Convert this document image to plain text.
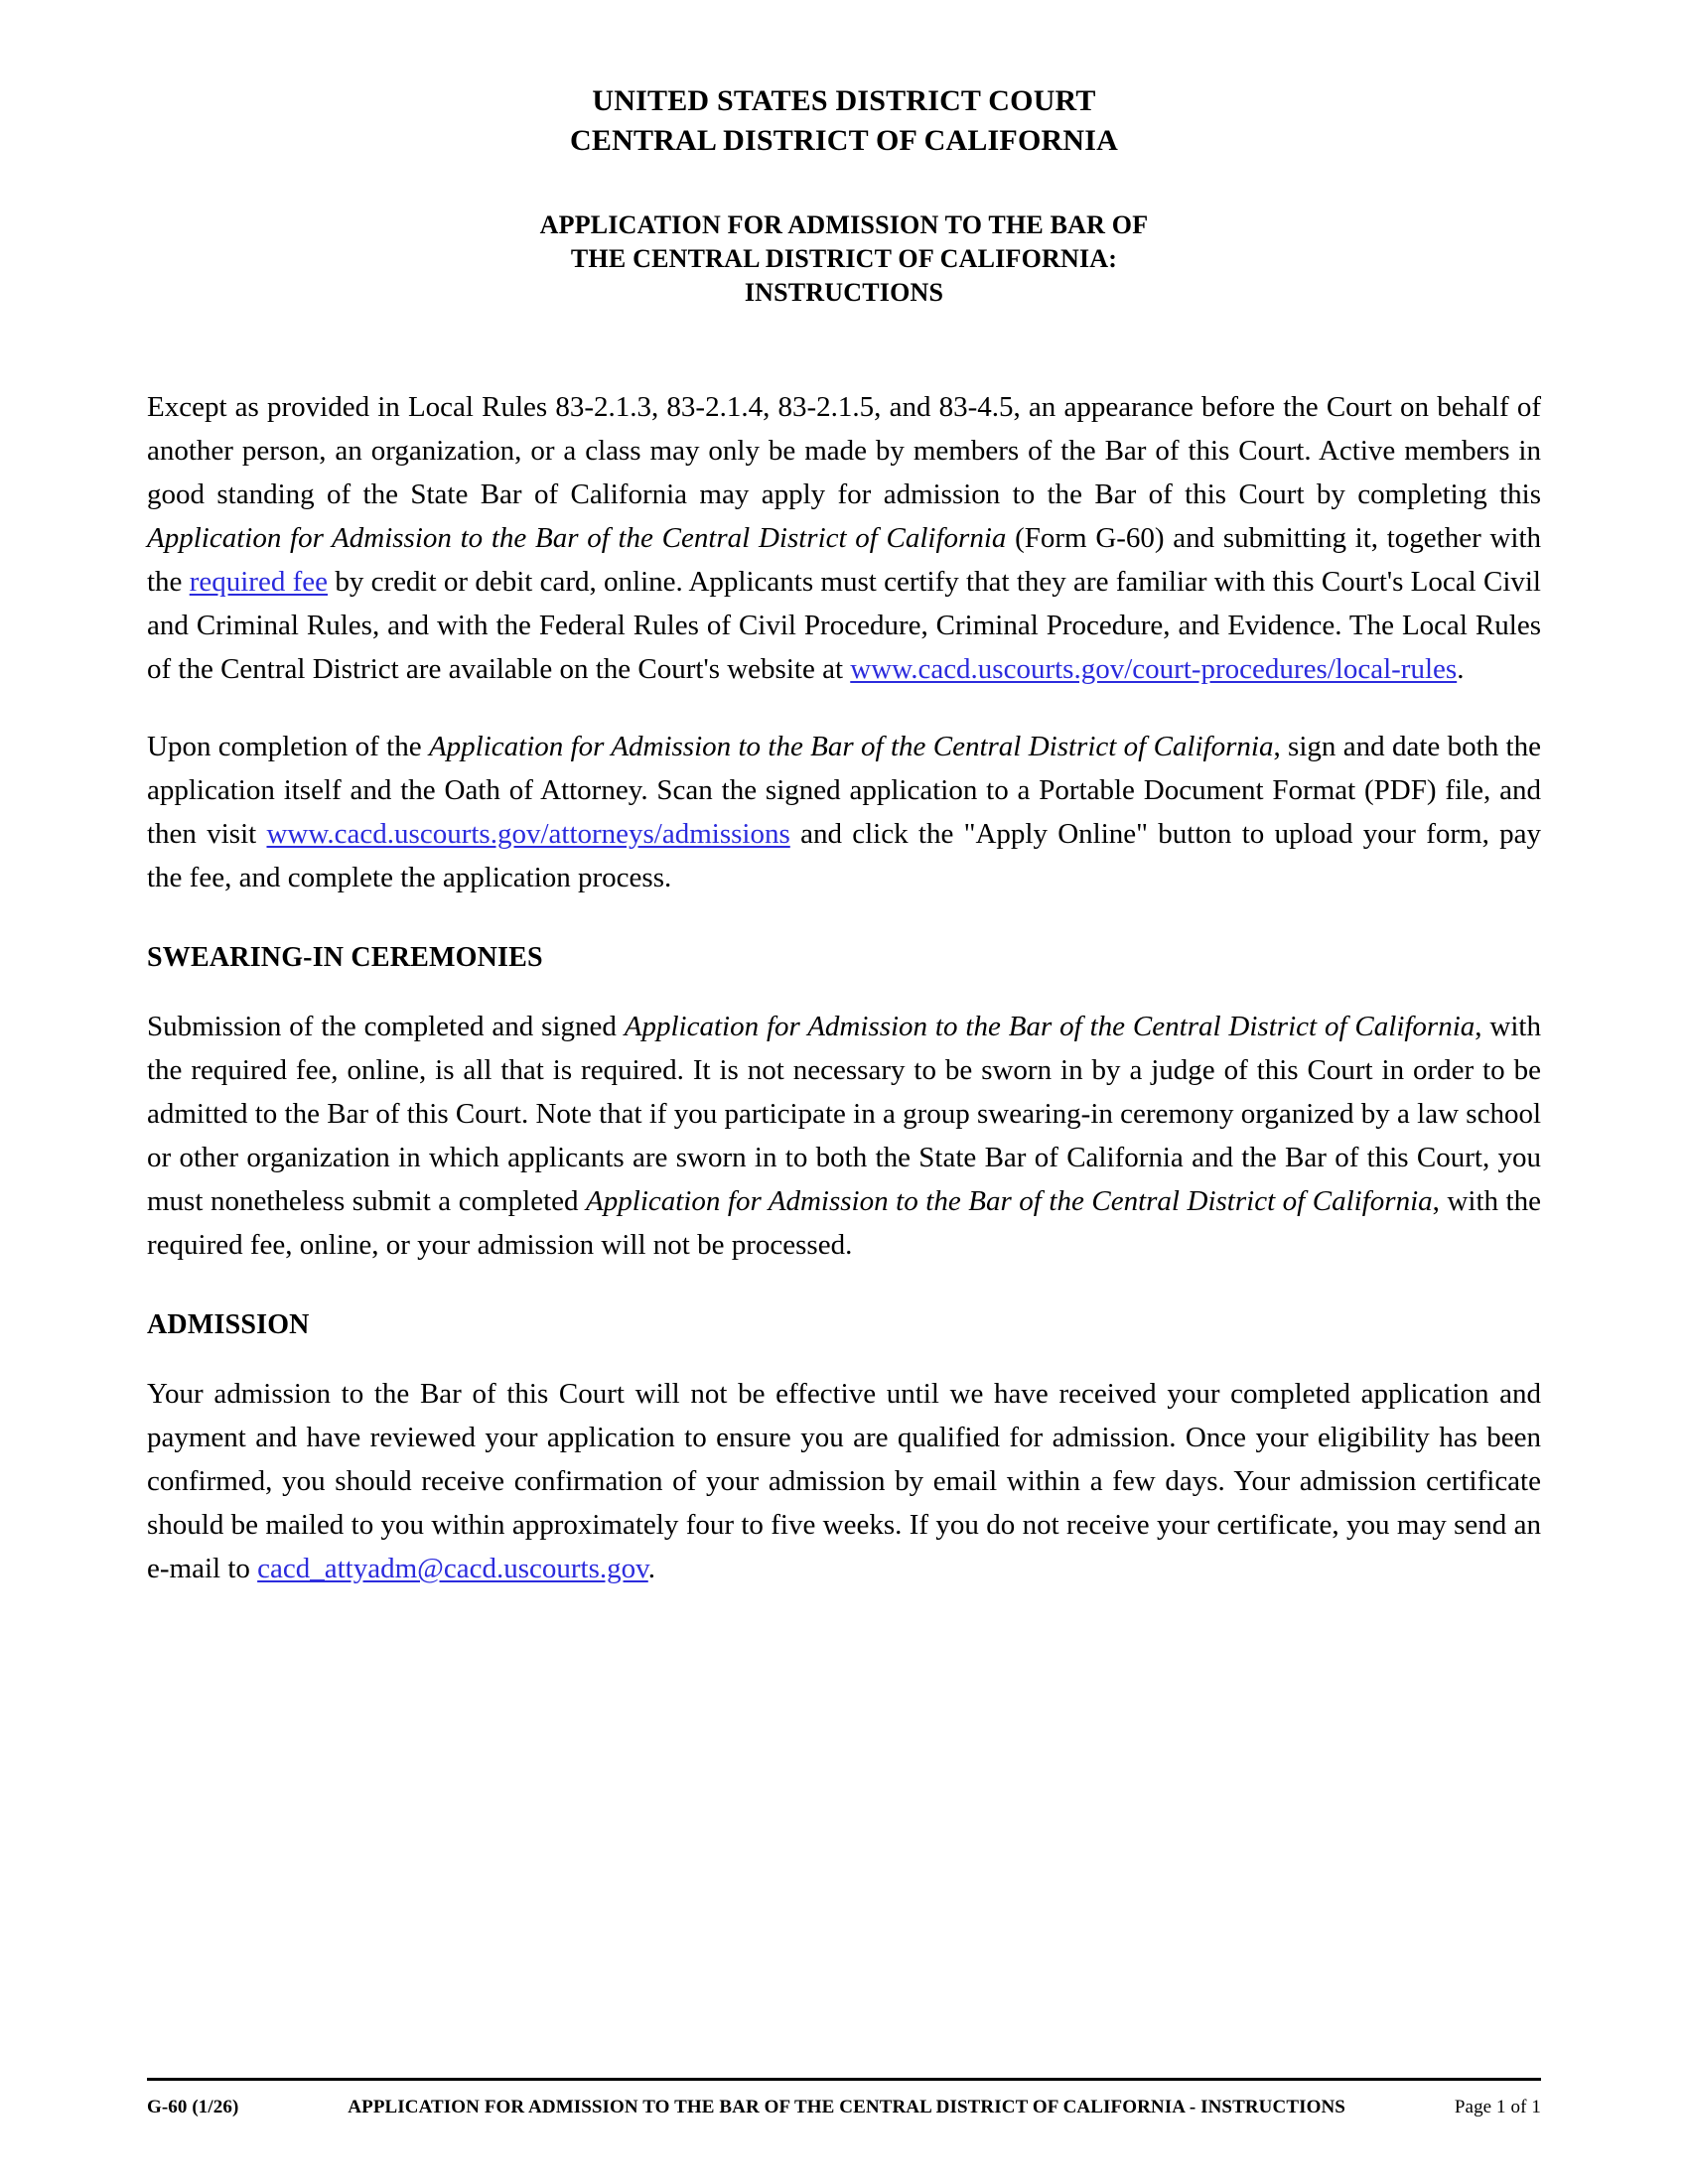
UNITED STATES DISTRICT COURT
CENTRAL DISTRICT OF CALIFORNIA
APPLICATION FOR ADMISSION TO THE BAR OF
THE CENTRAL DISTRICT OF CALIFORNIA:
INSTRUCTIONS

Except as provided in Local Rules 83-2.1.3, 83-2.1.4, 83-2.1.5, and 83-4.5, an appearance before the Court on behalf of another person, an organization, or a class may only be made by members of the Bar of this Court. Active members in good standing of the State Bar of California may apply for admission to the Bar of this Court by completing this Application for Admission to the Bar of the Central District of California (Form G-60) and submitting it, together with the required fee by credit or debit card, online. Applicants must certify that they are familiar with this Court's Local Civil and Criminal Rules, and with the Federal Rules of Civil Procedure, Criminal Procedure, and Evidence. The Local Rules of the Central District are available on the Court's website at www.cacd.uscourts.gov/court-procedures/local-rules.

Upon completion of the Application for Admission to the Bar of the Central District of California, sign and date both the application itself and the Oath of Attorney. Scan the signed application to a Portable Document Format (PDF) file, and then visit www.cacd.uscourts.gov/attorneys/admissions and click the "Apply Online" button to upload your form, pay the fee, and complete the application process.

SWEARING-IN CEREMONIES

Submission of the completed and signed Application for Admission to the Bar of the Central District of California, with the required fee, online, is all that is required. It is not necessary to be sworn in by a judge of this Court in order to be admitted to the Bar of this Court. Note that if you participate in a group swearing-in ceremony organized by a law school or other organization in which applicants are sworn in to both the State Bar of California and the Bar of this Court, you must nonetheless submit a completed Application for Admission to the Bar of the Central District of California, with the required fee, online, or your admission will not be processed.

ADMISSION

Your admission to the Bar of this Court will not be effective until we have received your completed application and payment and have reviewed your application to ensure you are qualified for admission. Once your eligibility has been confirmed, you should receive confirmation of your admission by email within a few days. Your admission certificate should be mailed to you within approximately four to five weeks. If you do not receive your certificate, you may send an e-mail to cacd_attyadm@cacd.uscourts.gov.

G-60 (1/26)	APPLICATION FOR ADMISSION TO THE BAR OF THE CENTRAL DISTRICT OF CALIFORNIA - INSTRUCTIONS	Page 1 of 1
